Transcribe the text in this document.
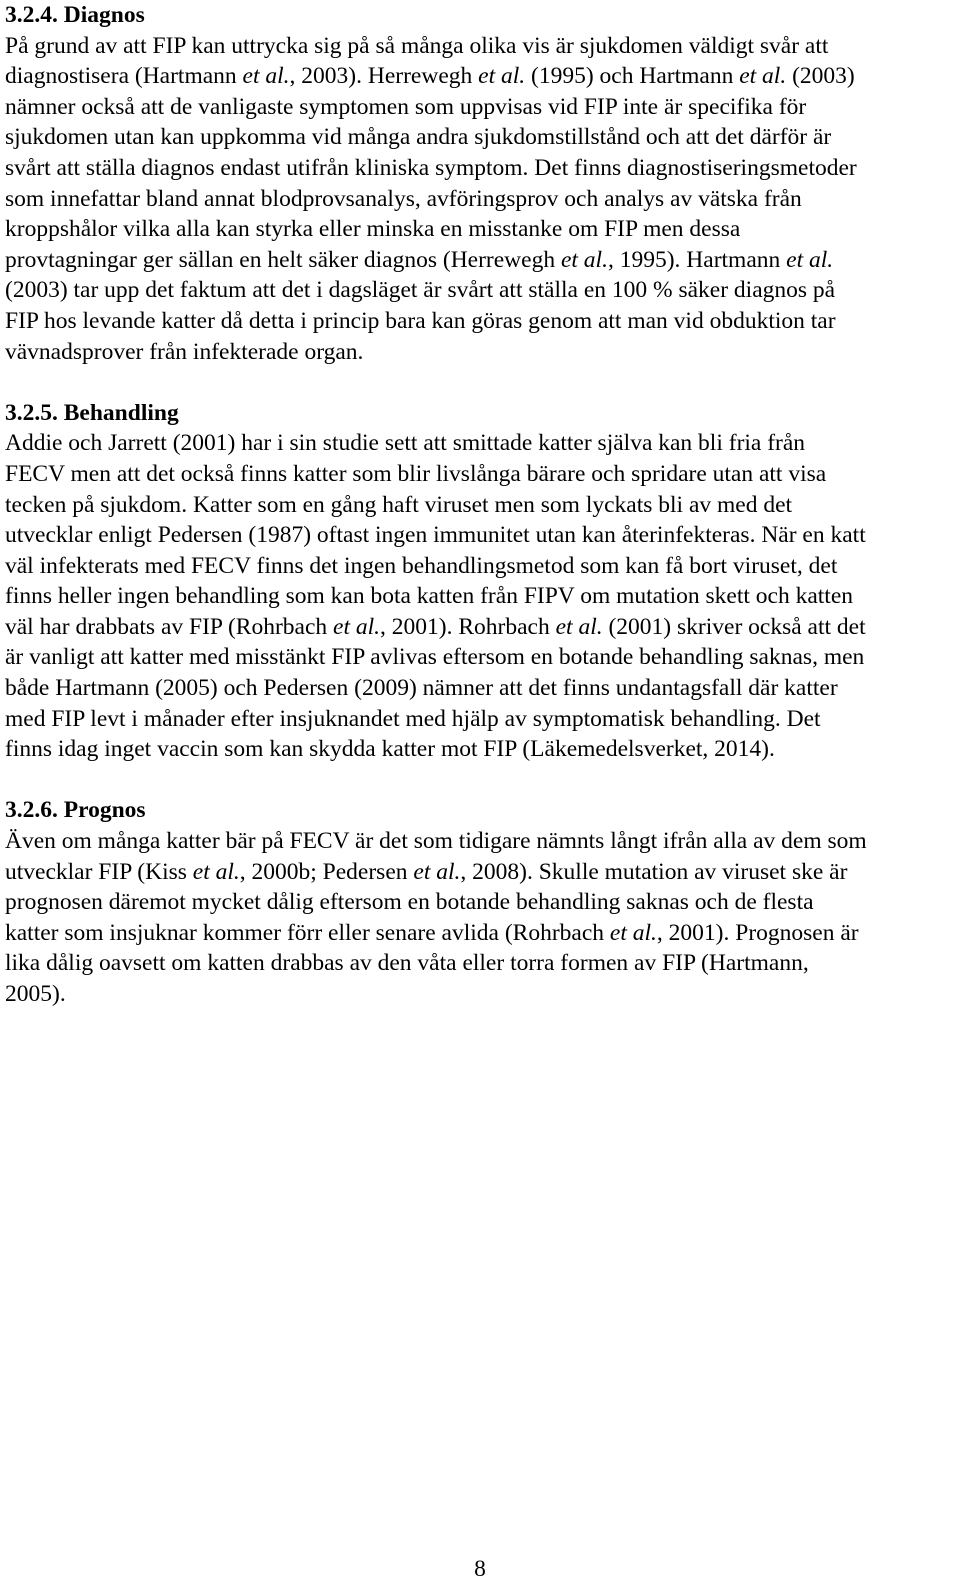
3.2.4. Diagnos

På grund av att FIP kan uttrycka sig på så många olika vis är sjukdomen väldigt svår att
diagnostisera (Hartmann et al., 2003). Herrewegh et al. (1995) och Hartmann et al. (2003)
nämner också att de vanligaste symptomen som uppvisas vid FIP inte är specifika för
sjukdomen utan kan uppkomma vid många andra sjukdomstillstånd och att det därför är
svårt att ställa diagnos endast utifrån kliniska symptom. Det finns diagnostiseringsmetoder
som innefattar bland annat blodprovsanalys, avföringsprov och analys av vätska från
kroppshålor vilka alla kan styrka eller minska en misstanke om FIP men dessa
provtagningar ger sällan en helt säker diagnos (Herrewegh et al., 1995). Hartmann et al.
(2003) tar upp det faktum att det i dagsläget är svårt att ställa en 100 % säker diagnos på
FIP hos levande katter då detta i princip bara kan göras genom att man vid obduktion tar
vävnadsprover från infekterade organ.

3.2.5. Behandling

Addie och Jarrett (2001) har i sin studie sett att smittade katter själva kan bli fria från
FECV men att det också finns katter som blir livslånga bärare och spridare utan att visa
tecken på sjukdom. Katter som en gång haft viruset men som lyckats bli av med det
utvecklar enligt Pedersen (1987) oftast ingen immunitet utan kan återinfekteras. När en katt
väl infekterats med FECV finns det ingen behandlingsmetod som kan få bort viruset, det
finns heller ingen behandling som kan bota katten från FIPV om mutation skett och katten
väl har drabbats av FIP (Rohrbach et al., 2001). Rohrbach et al. (2001) skriver också att det
är vanligt att katter med misstänkt FIP avlivas eftersom en botande behandling saknas, men
både Hartmann (2005) och Pedersen (2009) nämner att det finns undantagsfall där katter
med FIP levt i månader efter insjuknandet med hjälp av symptomatisk behandling. Det
finns idag inget vaccin som kan skydda katter mot FIP (Läkemedelsverket, 2014).

3.2.6. Prognos

Även om många katter bär på FECV är det som tidigare nämnts långt ifrån alla av dem som
utvecklar FIP (Kiss et al., 2000b; Pedersen et al., 2008). Skulle mutation av viruset ske är
prognosen däremot mycket dålig eftersom en botande behandling saknas och de flesta
katter som insjuknar kommer förr eller senare avlida (Rohrbach et al., 2001). Prognosen är
lika dålig oavsett om katten drabbas av den våta eller torra formen av FIP (Hartmann,
2005).

8
